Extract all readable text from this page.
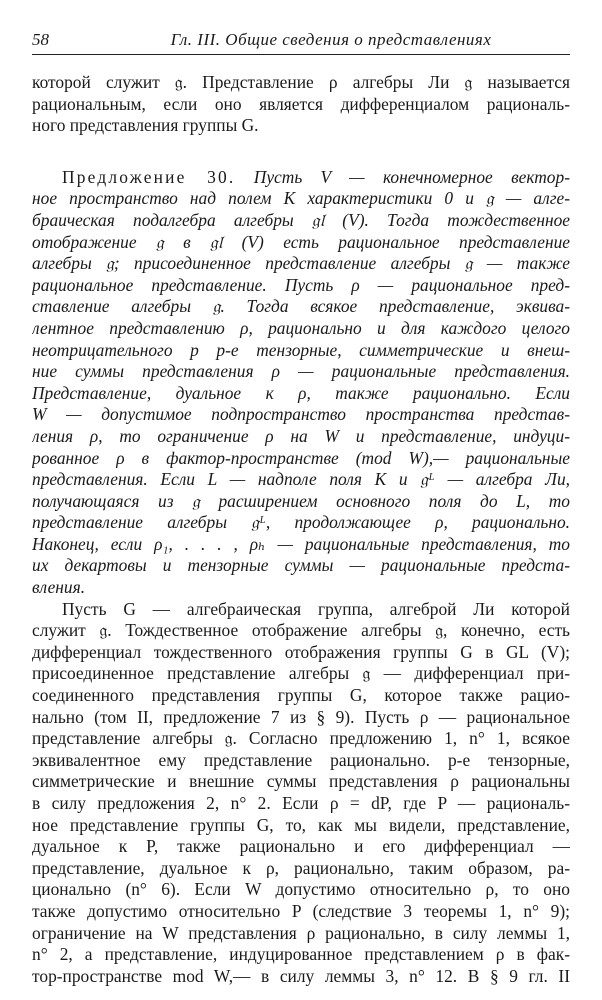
58	Гл. III. Общие сведения о представлениях
которой служит 𝔤. Представление ρ алгебры Ли 𝔤 называется
рациональным, если оно является дифференциалом рациональ-
ного представления группы G.
Предложение 30. Пусть V — конечномерное вектор-
ное пространство над полем K характеристики 0 и 𝔤 — алге-
браическая подалгебра алгебры 𝔤𝔩 (V). Тогда тождественное
отображение 𝔤 в 𝔤𝔩 (V) есть рациональное представление
алгебры 𝔤; присоединенное представление алгебры 𝔤 — также
рациональное представление. Пусть ρ — рациональное пред-
ставление алгебры 𝔤. Тогда всякое представление, эквива-
лентное представлению ρ, рационально и для каждого целого
неотрицательного p p-е тензорные, симметрические и внеш-
ние суммы представления ρ — рациональные представления.
Представление, дуальное к ρ, также рационально. Если
W — допустимое подпространство пространства представ-
ления ρ, то ограничение ρ на W и представление, индуци-
рованное ρ в фактор-пространстве (mod W),— рациональные
представления. Если L — надполе поля K и 𝔤ᴸ — алгебра Ли,
получающаяся из 𝔤 расширением основного поля до L, то
представление алгебры 𝔤ᴸ, продолжающее ρ, рационально.
Наконец, если ρ₁, . . . , ρₕ — рациональные представления, то
их декартовы и тензорные суммы — рациональные предста-
вления.
Пусть G — алгебраическая группа, алгеброй Ли которой
служит 𝔤. Тождественное отображение алгебры 𝔤, конечно, есть
дифференциал тождественного отображения группы G в GL (V);
присоединенное представление алгебры 𝔤 — дифференциал при-
соединенного представления группы G, которое также рацио-
нально (том II, предложение 7 из § 9). Пусть ρ — рациональное
представление алгебры 𝔤. Согласно предложению 1, n° 1, всякое
эквивалентное ему представление рационально. p-е тензорные,
симметрические и внешние суммы представления ρ рациональны
в силу предложения 2, n° 2. Если ρ = dP, где P — рациональ-
ное представление группы G, то, как мы видели, представление,
дуальное к P, также рационально и его дифференциал —
представление, дуальное к ρ, рационально, таким образом, ра-
ционально (n° 6). Если W допустимо относительно ρ, то оно
также допустимо относительно P (следствие 3 теоремы 1, n° 9);
ограничение на W представления ρ рационально, в силу леммы 1,
n° 2, а представление, индуцированное представлением ρ в фак-
тор-пространстве mod W,— в силу леммы 3, n° 12. В § 9 гл. II
